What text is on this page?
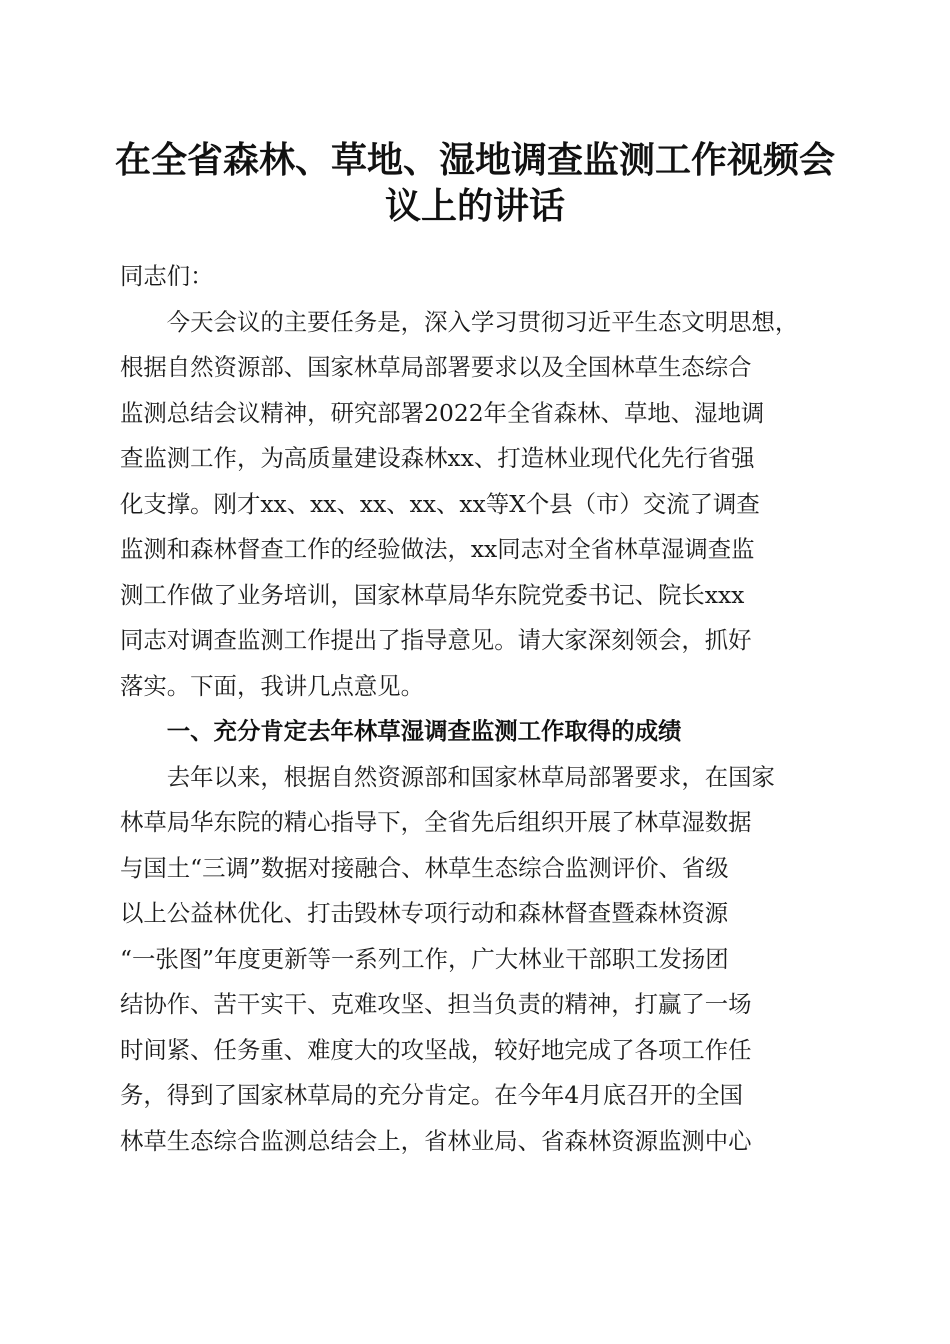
在全省森林、草地、湿地调查监测工作视频会
议上的讲话
同志们：
　　今天会议的主要任务是，深入学习贯彻习近平生态文明思想，
根据自然资源部、国家林草局部署要求以及全国林草生态综合
监测总结会议精神，研究部署2022年全省森林、草地、湿地调
查监测工作，为高质量建设森林xx、打造林业现代化先行省强
化支撑。刚才xx、xx、xx、xx、xx等X个县（市）交流了调查
监测和森林督查工作的经验做法，xx同志对全省林草湿调查监
测工作做了业务培训，国家林草局华东院党委书记、院长xxx
同志对调查监测工作提出了指导意见。请大家深刻领会，抓好
落实。下面，我讲几点意见。
　　一、充分肯定去年林草湿调查监测工作取得的成绩
　　去年以来，根据自然资源部和国家林草局部署要求，在国家
林草局华东院的精心指导下，全省先后组织开展了林草湿数据
与国土“三调”数据对接融合、林草生态综合监测评价、省级
以上公益林优化、打击毁林专项行动和森林督查暨森林资源
“一张图”年度更新等一系列工作，广大林业干部职工发扬团
结协作、苦干实干、克难攻坚、担当负责的精神，打赢了一场
时间紧、任务重、难度大的攻坚战，较好地完成了各项工作任
务，得到了国家林草局的充分肯定。在今年4月底召开的全国
林草生态综合监测总结会上，省林业局、省森林资源监测中心
